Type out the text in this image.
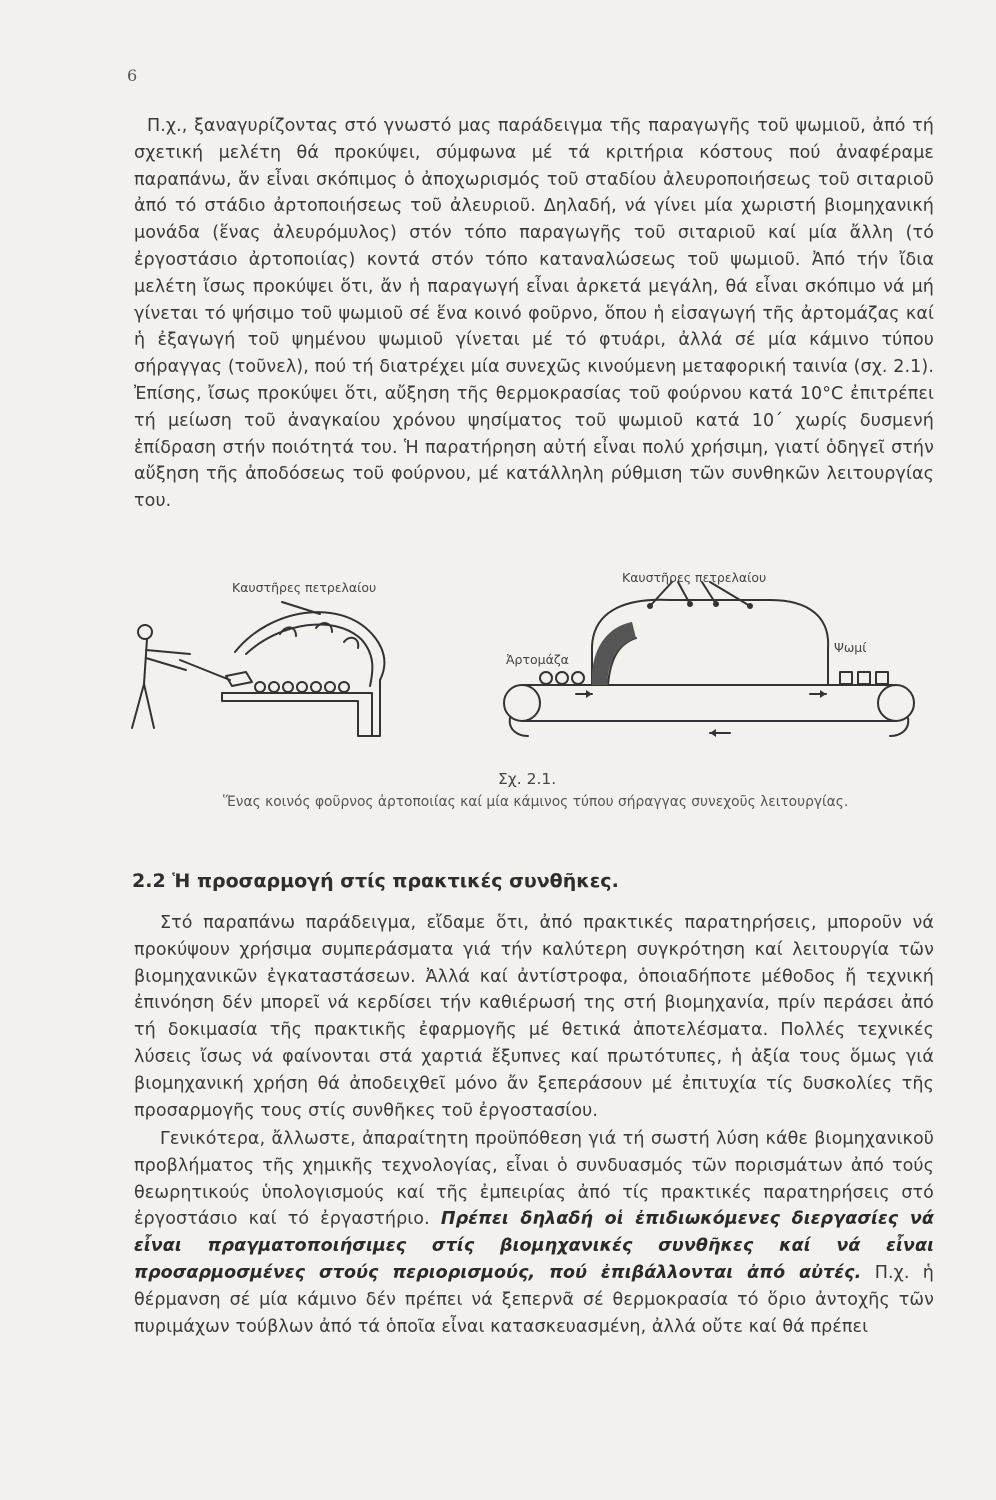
6

Π.χ., ξαναγυρίζοντας στό γνωστό μας παράδειγμα τῆς παραγωγῆς τοῦ ψωμιοῦ, ἀπό τή σχετική μελέτη θά προκύψει, σύμφωνα μέ τά κριτήρια κόστους πού ἀναφέραμε παραπάνω, ἄν εἶναι σκόπιμος ὁ ἀποχωρισμός τοῦ σταδίου ἀλευροποιήσεως τοῦ σιταριοῦ ἀπό τό στάδιο ἀρτοποιήσεως τοῦ ἀλευριοῦ. Δηλαδή, νά γίνει μία χωριστή βιομηχανική μονάδα (ἕνας ἀλευρόμυλος) στόν τόπο παραγωγῆς τοῦ σιταριοῦ καί μία ἄλλη (τό ἐργοστάσιο ἀρτοποιίας) κοντά στόν τόπο καταναλώσεως τοῦ ψωμιοῦ. Ἀπό τήν ἴδια μελέτη ἴσως προκύψει ὅτι, ἄν ἡ παραγωγή εἶναι ἀρκετά μεγάλη, θά εἶναι σκόπιμο νά μή γίνεται τό ψήσιμο τοῦ ψωμιοῦ σέ ἕνα κοινό φοῦρνο, ὅπου ἡ εἰσαγωγή τῆς ἀρτομάζας καί ἡ ἐξαγωγή τοῦ ψημένου ψωμιοῦ γίνεται μέ τό φτυάρι, ἀλλά σέ μία κάμινο τύπου σήραγγας (τοῦνελ), πού τή διατρέχει μία συνεχῶς κινούμενη μεταφορική ταινία (σχ. 2.1). Ἐπίσης, ἴσως προκύψει ὅτι, αὔξηση τῆς θερμοκρασίας τοῦ φούρνου κατά 10°C ἐπιτρέπει τή μείωση τοῦ ἀναγκαίου χρόνου ψησίματος τοῦ ψωμιοῦ κατά 10΄ χωρίς δυσμενή ἐπίδραση στήν ποιότητά του. Ἡ παρατήρηση αὐτή εἶναι πολύ χρήσιμη, γιατί ὁδηγεῖ στήν αὔξηση τῆς ἀποδόσεως τοῦ φούρνου, μέ κατάλληλη ρύθμιση τῶν συνθηκῶν λειτουργίας του.

Καυστῆρες πετρελαίου
Καυστῆρες πετρελαίου
Ἀρτομάζα
Ψωμί
Σχ. 2.1.
Ἕνας κοινός φοῦρνος ἀρτοποιίας καί μία κάμινος τύπου σήραγγας συνεχοῦς λειτουργίας.
2.2 Ἡ προσαρμογή στίς πρακτικές συνθῆκες.

Στό παραπάνω παράδειγμα, εἴδαμε ὅτι, ἀπό πρακτικές παρατηρήσεις, μποροῦν νά προκύψουν χρήσιμα συμπεράσματα γιά τήν καλύτερη συγκρότηση καί λειτουργία τῶν βιομηχανικῶν ἐγκαταστάσεων. Ἀλλά καί ἀντίστροφα, ὁποιαδήποτε μέθοδος ἤ τεχνική ἐπινόηση δέν μπορεῖ νά κερδίσει τήν καθιέρωσή της στή βιομηχανία, πρίν περάσει ἀπό τή δοκιμασία τῆς πρακτικῆς ἐφαρμογῆς μέ θετικά ἀποτελέσματα. Πολλές τεχνικές λύσεις ἴσως νά φαίνονται στά χαρτιά ἔξυπνες καί πρωτότυπες, ἡ ἀξία τους ὅμως γιά βιομηχανική χρήση θά ἀποδειχθεῖ μόνο ἄν ξεπεράσουν μέ ἐπιτυχία τίς δυσκολίες τῆς προσαρμογῆς τους στίς συνθῆκες τοῦ ἐργοστασίου.

Γενικότερα, ἄλλωστε, ἀπαραίτητη προϋπόθεση γιά τή σωστή λύση κάθε βιομηχανικοῦ προβλήματος τῆς χημικῆς τεχνολογίας, εἶναι ὁ συνδυασμός τῶν πορισμάτων ἀπό τούς θεωρητικούς ὑπολογισμούς καί τῆς ἐμπειρίας ἀπό τίς πρακτικές παρατηρήσεις στό ἐργοστάσιο καί τό ἐργαστήριο. Πρέπει δηλαδή οἱ ἐπιδιωκόμενες διεργασίες νά εἶναι πραγματοποιήσιμες στίς βιομηχανικές συνθῆκες καί νά εἶναι προσαρμοσμένες στούς περιορισμούς, πού ἐπιβάλλονται ἀπό αὐτές. Π.χ. ἡ θέρμανση σέ μία κάμινο δέν πρέπει νά ξεπερνᾶ σέ θερμοκρασία τό ὅριο ἀντοχῆς τῶν πυριμάχων τούβλων ἀπό τά ὁποῖα εἶναι κατασκευασμένη, ἀλλά οὔτε καί θά πρέπει
